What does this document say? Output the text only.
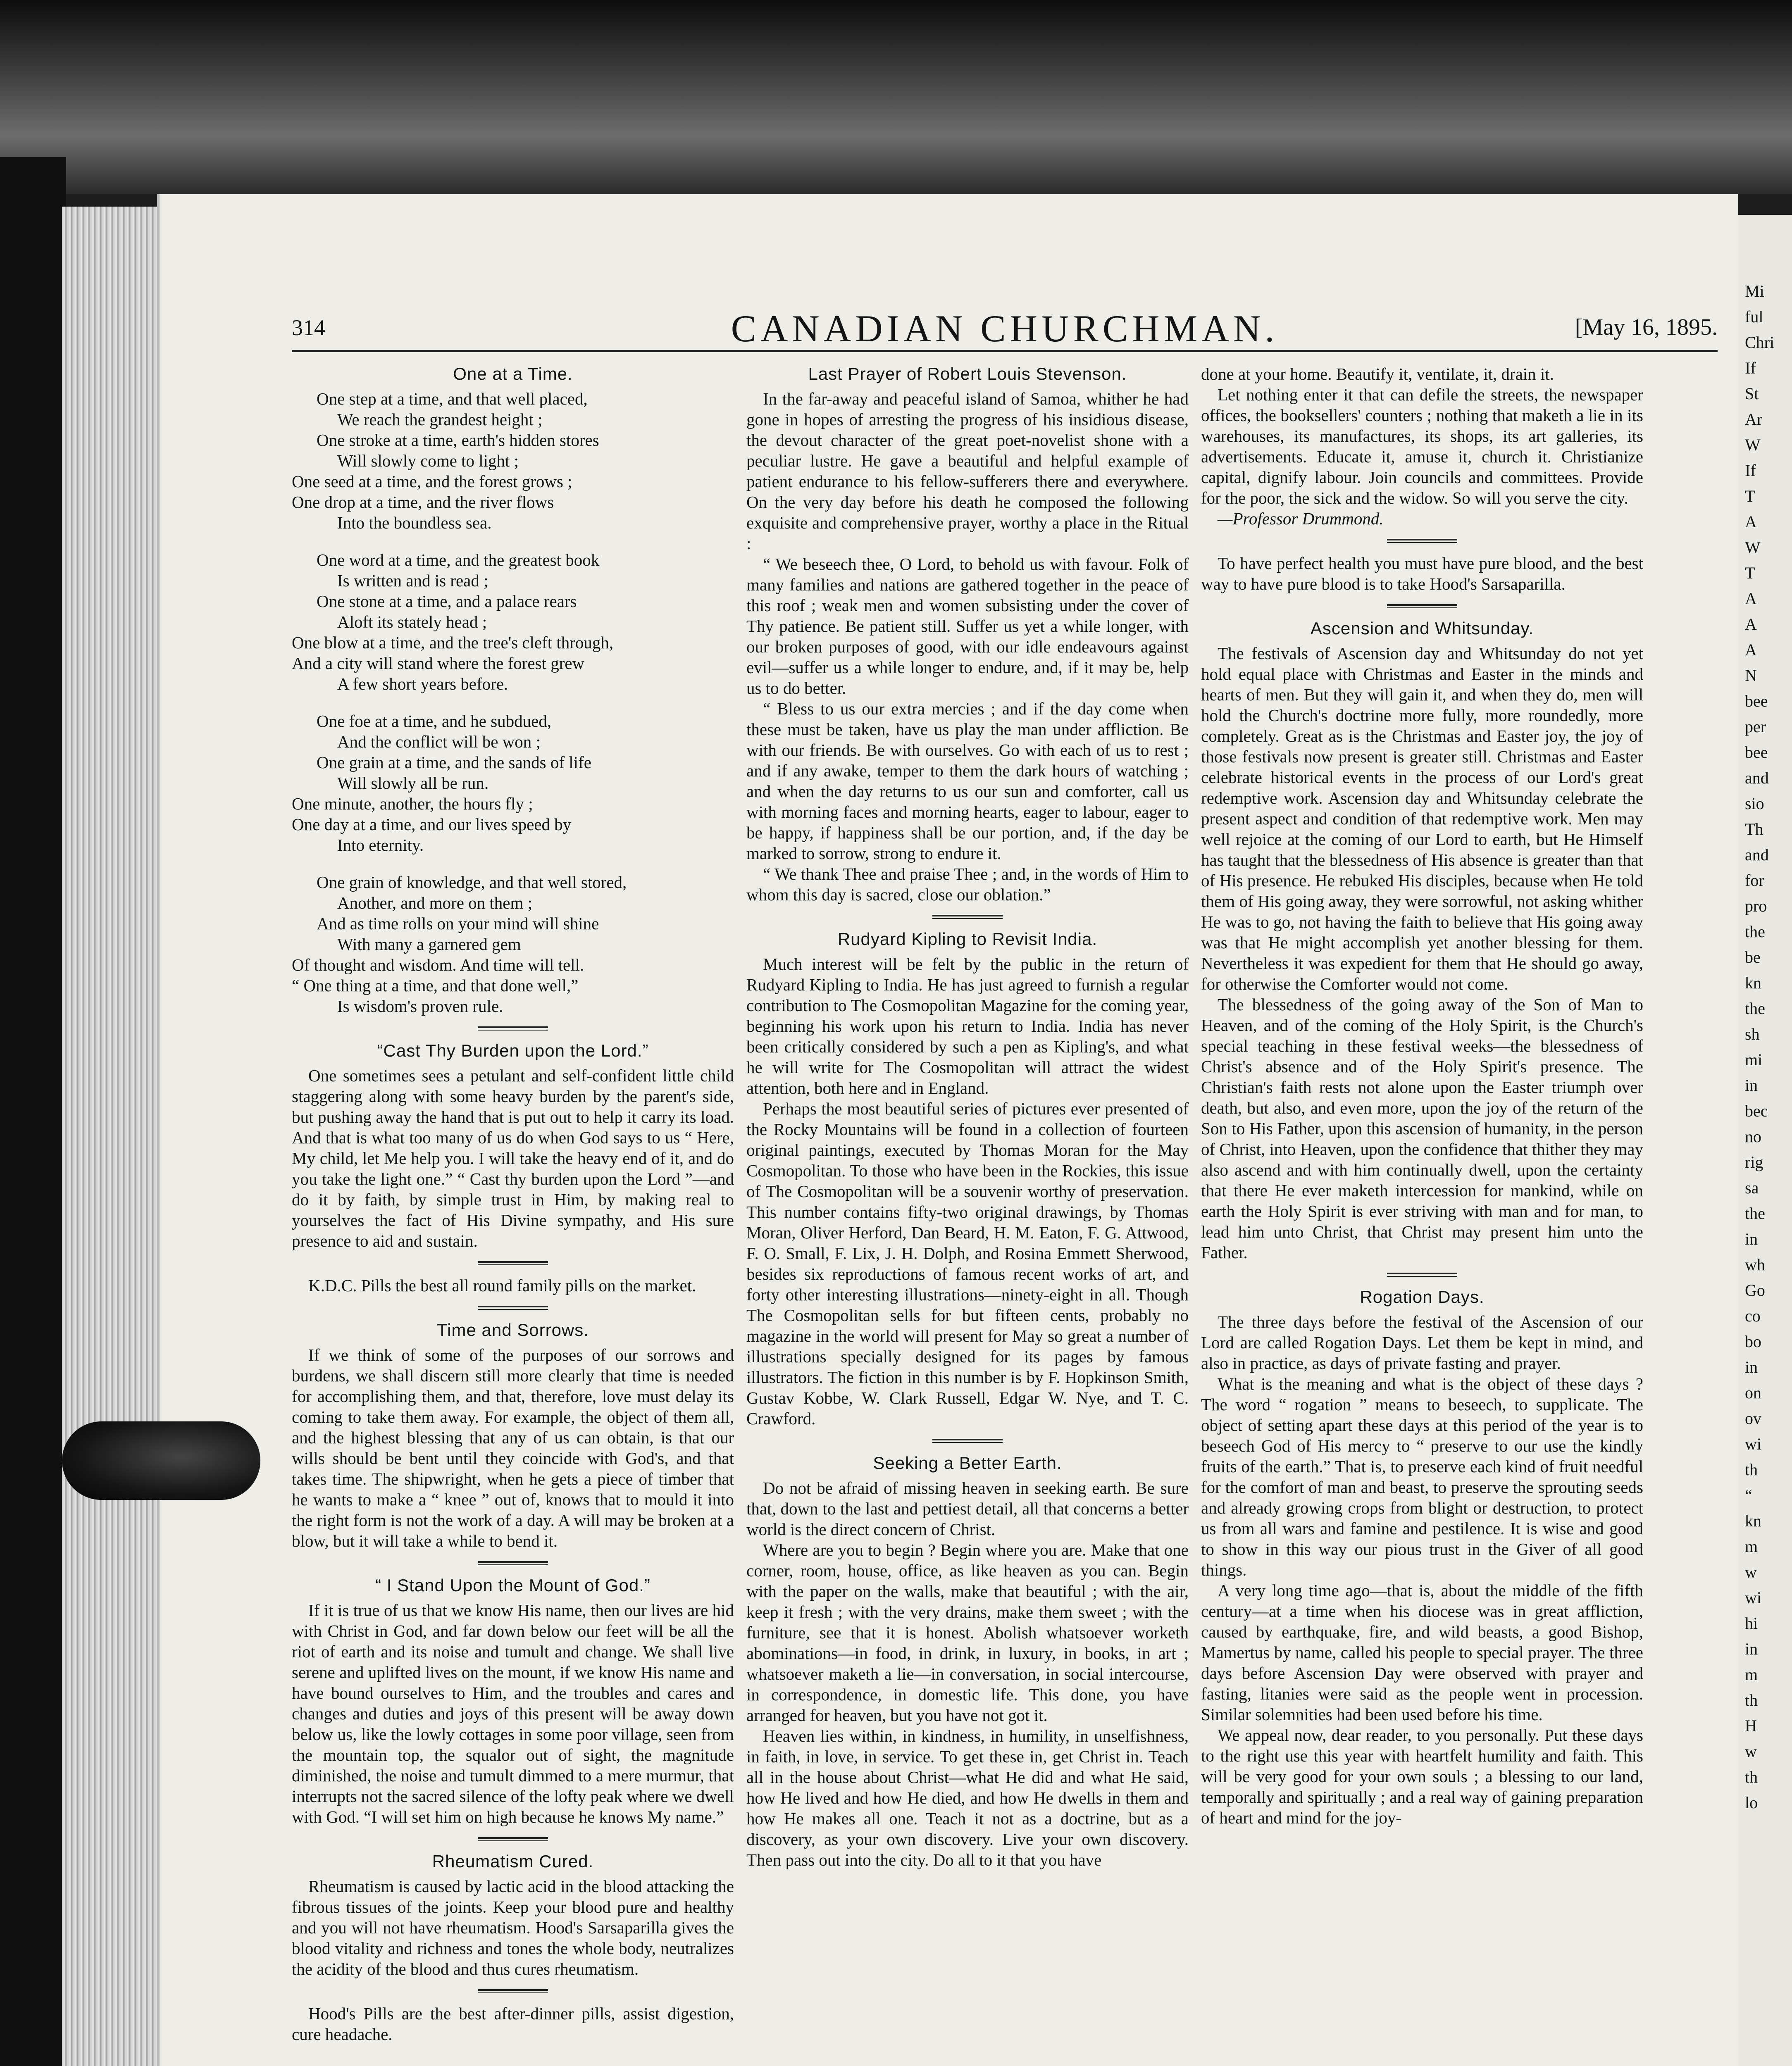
Mi
ful
Chri
If
St
Ar
W
If
T
A
W
T
A
A
A
N
bee
per
bee
and
sio
Th
and
for
pro
the
be
kn
the
sh
mi
in
bec
no
rig
sa
the
in
wh
Go
co
bo
in
on
ov
wi
th
“
kn
m
w
wi
hi
in
m
th
H
w
th
lo
314	CANADIAN CHURCHMAN.	[May 16, 1895.
One at a Time.
One step at a time, and that well placed,
We reach the grandest height ;
One stroke at a time, earth's hidden stores
Will slowly come to light ;
One seed at a time, and the forest grows ;
One drop at a time, and the river flows
Into the boundless sea.
One word at a time, and the greatest book
Is written and is read ;
One stone at a time, and a palace rears
Aloft its stately head ;
One blow at a time, and the tree's cleft through,
And a city will stand where the forest grew
A few short years before.
One foe at a time, and he subdued,
And the conflict will be won ;
One grain at a time, and the sands of life
Will slowly all be run.
One minute, another, the hours fly ;
One day at a time, and our lives speed by
Into eternity.
One grain of knowledge, and that well stored,
Another, and more on them ;
And as time rolls on your mind will shine
With many a garnered gem
Of thought and wisdom. And time will tell.
“ One thing at a time, and that done well,”
Is wisdom's proven rule.
“Cast Thy Burden upon the Lord.”

One sometimes sees a petulant and self-confident little child staggering along with some heavy burden by the parent's side, but pushing away the hand that is put out to help it carry its load. And that is what too many of us do when God says to us “ Here, My child, let Me help you. I will take the heavy end of it, and do you take the light one.” “ Cast thy burden upon the Lord ”—and do it by faith, by simple trust in Him, by making real to yourselves the fact of His Divine sympathy, and His sure presence to aid and sustain.

K.D.C. Pills the best all round family pills on the market.

Time and Sorrows.

If we think of some of the purposes of our sorrows and burdens, we shall discern still more clearly that time is needed for accomplishing them, and that, therefore, love must delay its coming to take them away. For example, the object of them all, and the highest blessing that any of us can obtain, is that our wills should be bent until they coincide with God's, and that takes time. The shipwright, when he gets a piece of timber that he wants to make a “ knee ” out of, knows that to mould it into the right form is not the work of a day. A will may be broken at a blow, but it will take a while to bend it.

“ I Stand Upon the Mount of God.”

If it is true of us that we know His name, then our lives are hid with Christ in God, and far down below our feet will be all the riot of earth and its noise and tumult and change. We shall live serene and uplifted lives on the mount, if we know His name and have bound ourselves to Him, and the troubles and cares and changes and duties and joys of this present will be away down below us, like the lowly cottages in some poor village, seen from the mountain top, the squalor out of sight, the magnitude diminished, the noise and tumult dimmed to a mere murmur, that interrupts not the sacred silence of the lofty peak where we dwell with God. “I will set him on high because he knows My name.”

Rheumatism Cured.

Rheumatism is caused by lactic acid in the blood attacking the fibrous tissues of the joints. Keep your blood pure and healthy and you will not have rheumatism. Hood's Sarsaparilla gives the blood vitality and richness and tones the whole body, neutralizes the acidity of the blood and thus cures rheumatism.

Hood's Pills are the best after-dinner pills, assist digestion, cure headache.

Last Prayer of Robert Louis Stevenson.

In the far-away and peaceful island of Samoa, whither he had gone in hopes of arresting the progress of his insidious disease, the devout character of the great poet-novelist shone with a peculiar lustre. He gave a beautiful and helpful example of patient endurance to his fellow-sufferers there and everywhere. On the very day before his death he composed the following exquisite and comprehensive prayer, worthy a place in the Ritual :

“ We beseech thee, O Lord, to behold us with favour. Folk of many families and nations are gathered together in the peace of this roof ; weak men and women subsisting under the cover of Thy patience. Be patient still. Suffer us yet a while longer, with our broken purposes of good, with our idle endeavours against evil—suffer us a while longer to endure, and, if it may be, help us to do better.

“ Bless to us our extra mercies ; and if the day come when these must be taken, have us play the man under affliction. Be with our friends. Be with ourselves. Go with each of us to rest ; and if any awake, temper to them the dark hours of watching ; and when the day returns to us our sun and comforter, call us with morning faces and morning hearts, eager to labour, eager to be happy, if happiness shall be our portion, and, if the day be marked to sorrow, strong to endure it.

“ We thank Thee and praise Thee ; and, in the words of Him to whom this day is sacred, close our oblation.”

Rudyard Kipling to Revisit India.

Much interest will be felt by the public in the return of Rudyard Kipling to India. He has just agreed to furnish a regular contribution to The Cosmopolitan Magazine for the coming year, beginning his work upon his return to India. India has never been critically considered by such a pen as Kipling's, and what he will write for The Cosmopolitan will attract the widest attention, both here and in England.

Perhaps the most beautiful series of pictures ever presented of the Rocky Mountains will be found in a collection of fourteen original paintings, executed by Thomas Moran for the May Cosmopolitan. To those who have been in the Rockies, this issue of The Cosmopolitan will be a souvenir worthy of preservation. This number contains fifty-two original drawings, by Thomas Moran, Oliver Herford, Dan Beard, H. M. Eaton, F. G. Attwood, F. O. Small, F. Lix, J. H. Dolph, and Rosina Emmett Sherwood, besides six reproductions of famous recent works of art, and forty other interesting illustrations—ninety-eight in all. Though The Cosmopolitan sells for but fifteen cents, probably no magazine in the world will present for May so great a number of illustrations specially designed for its pages by famous illustrators. The fiction in this number is by F. Hopkinson Smith, Gustav Kobbe, W. Clark Russell, Edgar W. Nye, and T. C. Crawford.

Seeking a Better Earth.

Do not be afraid of missing heaven in seeking earth. Be sure that, down to the last and pettiest detail, all that concerns a better world is the direct concern of Christ.

Where are you to begin ? Begin where you are. Make that one corner, room, house, office, as like heaven as you can. Begin with the paper on the walls, make that beautiful ; with the air, keep it fresh ; with the very drains, make them sweet ; with the furniture, see that it is honest. Abolish whatsoever worketh abominations—in food, in drink, in luxury, in books, in art ; whatsoever maketh a lie—in conversation, in social intercourse, in correspondence, in domestic life. This done, you have arranged for heaven, but you have not got it.

Heaven lies within, in kindness, in humility, in unselfishness, in faith, in love, in service. To get these in, get Christ in. Teach all in the house about Christ—what He did and what He said, how He lived and how He died, and how He dwells in them and how He makes all one. Teach it not as a doctrine, but as a discovery, as your own discovery. Live your own discovery. Then pass out into the city. Do all to it that you have

done at your home. Beautify it, ventilate, it, drain it.

Let nothing enter it that can defile the streets, the newspaper offices, the booksellers' counters ; nothing that maketh a lie in its warehouses, its manufactures, its shops, its art galleries, its advertisements. Educate it, amuse it, church it. Christianize capital, dignify labour. Join councils and committees. Provide for the poor, the sick and the widow. So will you serve the city.

—Professor Drummond.

To have perfect health you must have pure blood, and the best way to have pure blood is to take Hood's Sarsaparilla.

Ascension and Whitsunday.

The festivals of Ascension day and Whitsunday do not yet hold equal place with Christmas and Easter in the minds and hearts of men. But they will gain it, and when they do, men will hold the Church's doctrine more fully, more roundedly, more completely. Great as is the Christmas and Easter joy, the joy of those festivals now present is greater still. Christmas and Easter celebrate historical events in the process of our Lord's great redemptive work. Ascension day and Whitsunday celebrate the present aspect and condition of that redemptive work. Men may well rejoice at the coming of our Lord to earth, but He Himself has taught that the blessedness of His absence is greater than that of His presence. He rebuked His disciples, because when He told them of His going away, they were sorrowful, not asking whither He was to go, not having the faith to believe that His going away was that He might accomplish yet another blessing for them. Nevertheless it was expedient for them that He should go away, for otherwise the Comforter would not come.

The blessedness of the going away of the Son of Man to Heaven, and of the coming of the Holy Spirit, is the Church's special teaching in these festival weeks—the blessedness of Christ's absence and of the Holy Spirit's presence. The Christian's faith rests not alone upon the Easter triumph over death, but also, and even more, upon the joy of the return of the Son to His Father, upon this ascension of humanity, in the person of Christ, into Heaven, upon the confidence that thither they may also ascend and with him continually dwell, upon the certainty that there He ever maketh intercession for mankind, while on earth the Holy Spirit is ever striving with man and for man, to lead him unto Christ, that Christ may present him unto the Father.

Rogation Days.

The three days before the festival of the Ascension of our Lord are called Rogation Days. Let them be kept in mind, and also in practice, as days of private fasting and prayer.

What is the meaning and what is the object of these days ? The word “ rogation ” means to beseech, to supplicate. The object of setting apart these days at this period of the year is to beseech God of His mercy to “ preserve to our use the kindly fruits of the earth.” That is, to preserve each kind of fruit needful for the comfort of man and beast, to preserve the sprouting seeds and already growing crops from blight or destruction, to protect us from all wars and famine and pestilence. It is wise and good to show in this way our pious trust in the Giver of all good things.

A very long time ago—that is, about the middle of the fifth century—at a time when his diocese was in great affliction, caused by earthquake, fire, and wild beasts, a good Bishop, Mamertus by name, called his people to special prayer. The three days before Ascension Day were observed with prayer and fasting, litanies were said as the people went in procession. Similar solemnities had been used before his time.

We appeal now, dear reader, to you personally. Put these days to the right use this year with heartfelt humility and faith. This will be very good for your own souls ; a blessing to our land, temporally and spiritually ; and a real way of gaining preparation of heart and mind for the joy-
